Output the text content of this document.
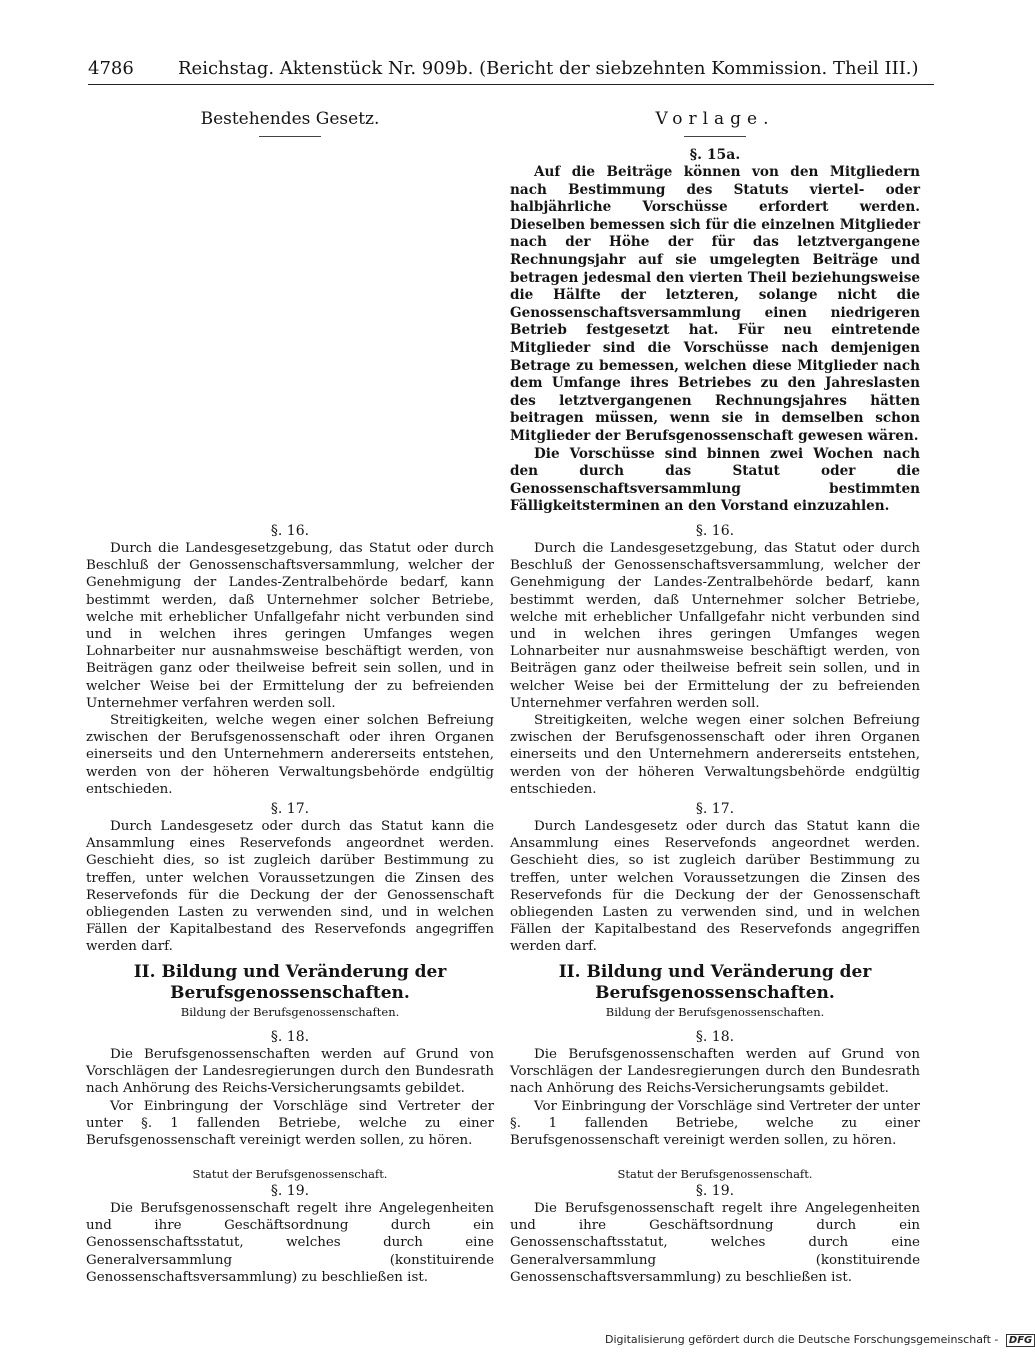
4786 Reichstag. Aktenstück Nr. 909b. (Bericht der siebzehnten Kommission. Theil III.)

Bestehendes Gesetz.

§. 16.

Durch die Landesgesetzgebung, das Statut oder durch Beschluß der Genossenschaftsversammlung, welcher der Genehmigung der Landes-Zentralbehörde bedarf, kann bestimmt werden, daß Unternehmer solcher Betriebe, welche mit erheblicher Unfallgefahr nicht verbunden sind und in welchen ihres geringen Umfanges wegen Lohnarbeiter nur ausnahmsweise beschäftigt werden, von Beiträgen ganz oder theilweise befreit sein sollen, und in welcher Weise bei der Ermittelung der zu befreienden Unternehmer verfahren werden soll.

Streitigkeiten, welche wegen einer solchen Befreiung zwischen der Berufsgenossenschaft oder ihren Organen einerseits und den Unternehmern andererseits entstehen, werden von der höheren Verwaltungsbehörde endgültig entschieden.

§. 17.

Durch Landesgesetz oder durch das Statut kann die Ansammlung eines Reservefonds angeordnet werden. Geschieht dies, so ist zugleich darüber Bestimmung zu treffen, unter welchen Voraussetzungen die Zinsen des Reservefonds für die Deckung der der Genossenschaft obliegenden Lasten zu verwenden sind, und in welchen Fällen der Kapitalbestand des Reservefonds angegriffen werden darf.

II. Bildung und Veränderung der Berufsgenossenschaften.

Bildung der Berufsgenossenschaften.

§. 18.

Die Berufsgenossenschaften werden auf Grund von Vorschlägen der Landesregierungen durch den Bundesrath nach Anhörung des Reichs-Versicherungsamts gebildet.

Vor Einbringung der Vorschläge sind Vertreter der unter §. 1 fallenden Betriebe, welche zu einer Berufsgenossenschaft vereinigt werden sollen, zu hören.

Statut der Berufsgenossenschaft.

§. 19.

Die Berufsgenossenschaft regelt ihre Angelegenheiten und ihre Geschäftsordnung durch ein Genossenschaftsstatut, welches durch eine Generalversammlung (konstituirende Genossenschaftsversammlung) zu beschließen ist.

Vorlage.

§. 15a.

Auf die Beiträge können von den Mitgliedern nach Bestimmung des Statuts viertel- oder halbjährliche Vorschüsse erfordert werden. Dieselben bemessen sich für die einzelnen Mitglieder nach der Höhe der für das letztvergangene Rechnungsjahr auf sie umgelegten Beiträge und betragen jedesmal den vierten Theil beziehungsweise die Hälfte der letzteren, solange nicht die Genossenschaftsversammlung einen niedrigeren Betrieb festgesetzt hat. Für neu eintretende Mitglieder sind die Vorschüsse nach demjenigen Betrage zu bemessen, welchen diese Mitglieder nach dem Umfange ihres Betriebes zu den Jahreslasten des letztvergangenen Rechnungsjahres hätten beitragen müssen, wenn sie in demselben schon Mitglieder der Berufsgenossenschaft gewesen wären.

Die Vorschüsse sind binnen zwei Wochen nach den durch das Statut oder die Genossenschaftsversammlung bestimmten Fälligkeitsterminen an den Vorstand einzuzahlen.

§. 16.

Durch die Landesgesetzgebung, das Statut oder durch Beschluß der Genossenschaftsversammlung, welcher der Genehmigung der Landes-Zentralbehörde bedarf, kann bestimmt werden, daß Unternehmer solcher Betriebe, welche mit erheblicher Unfallgefahr nicht verbunden sind und in welchen ihres geringen Umfanges wegen Lohnarbeiter nur ausnahmsweise beschäftigt werden, von Beiträgen ganz oder theilweise befreit sein sollen, und in welcher Weise bei der Ermittelung der zu befreienden Unternehmer verfahren werden soll.

Streitigkeiten, welche wegen einer solchen Befreiung zwischen der Berufsgenossenschaft oder ihren Organen einerseits und den Unternehmern andererseits entstehen, werden von der höheren Verwaltungsbehörde endgültig entschieden.

§. 17.

Durch Landesgesetz oder durch das Statut kann die Ansammlung eines Reservefonds angeordnet werden. Geschieht dies, so ist zugleich darüber Bestimmung zu treffen, unter welchen Voraussetzungen die Zinsen des Reservefonds für die Deckung der der Genossenschaft obliegenden Lasten zu verwenden sind, und in welchen Fällen der Kapitalbestand des Reservefonds angegriffen werden darf.

II. Bildung und Veränderung der Berufsgenossenschaften.

Bildung der Berufsgenossenschaften.

§. 18.

Die Berufsgenossenschaften werden auf Grund von Vorschlägen der Landesregierungen durch den Bundesrath nach Anhörung des Reichs-Versicherungsamts gebildet.

Vor Einbringung der Vorschläge sind Vertreter der unter §. 1 fallenden Betriebe, welche zu einer Berufsgenossenschaft vereinigt werden sollen, zu hören.

Statut der Berufsgenossenschaft.

§. 19.

Die Berufsgenossenschaft regelt ihre Angelegenheiten und ihre Geschäftsordnung durch ein Genossenschaftsstatut, welches durch eine Generalversammlung (konstituirende Genossenschaftsversammlung) zu beschließen ist.

Digitalisierung gefördert durch die Deutsche Forschungsgemeinschaft - DFG
